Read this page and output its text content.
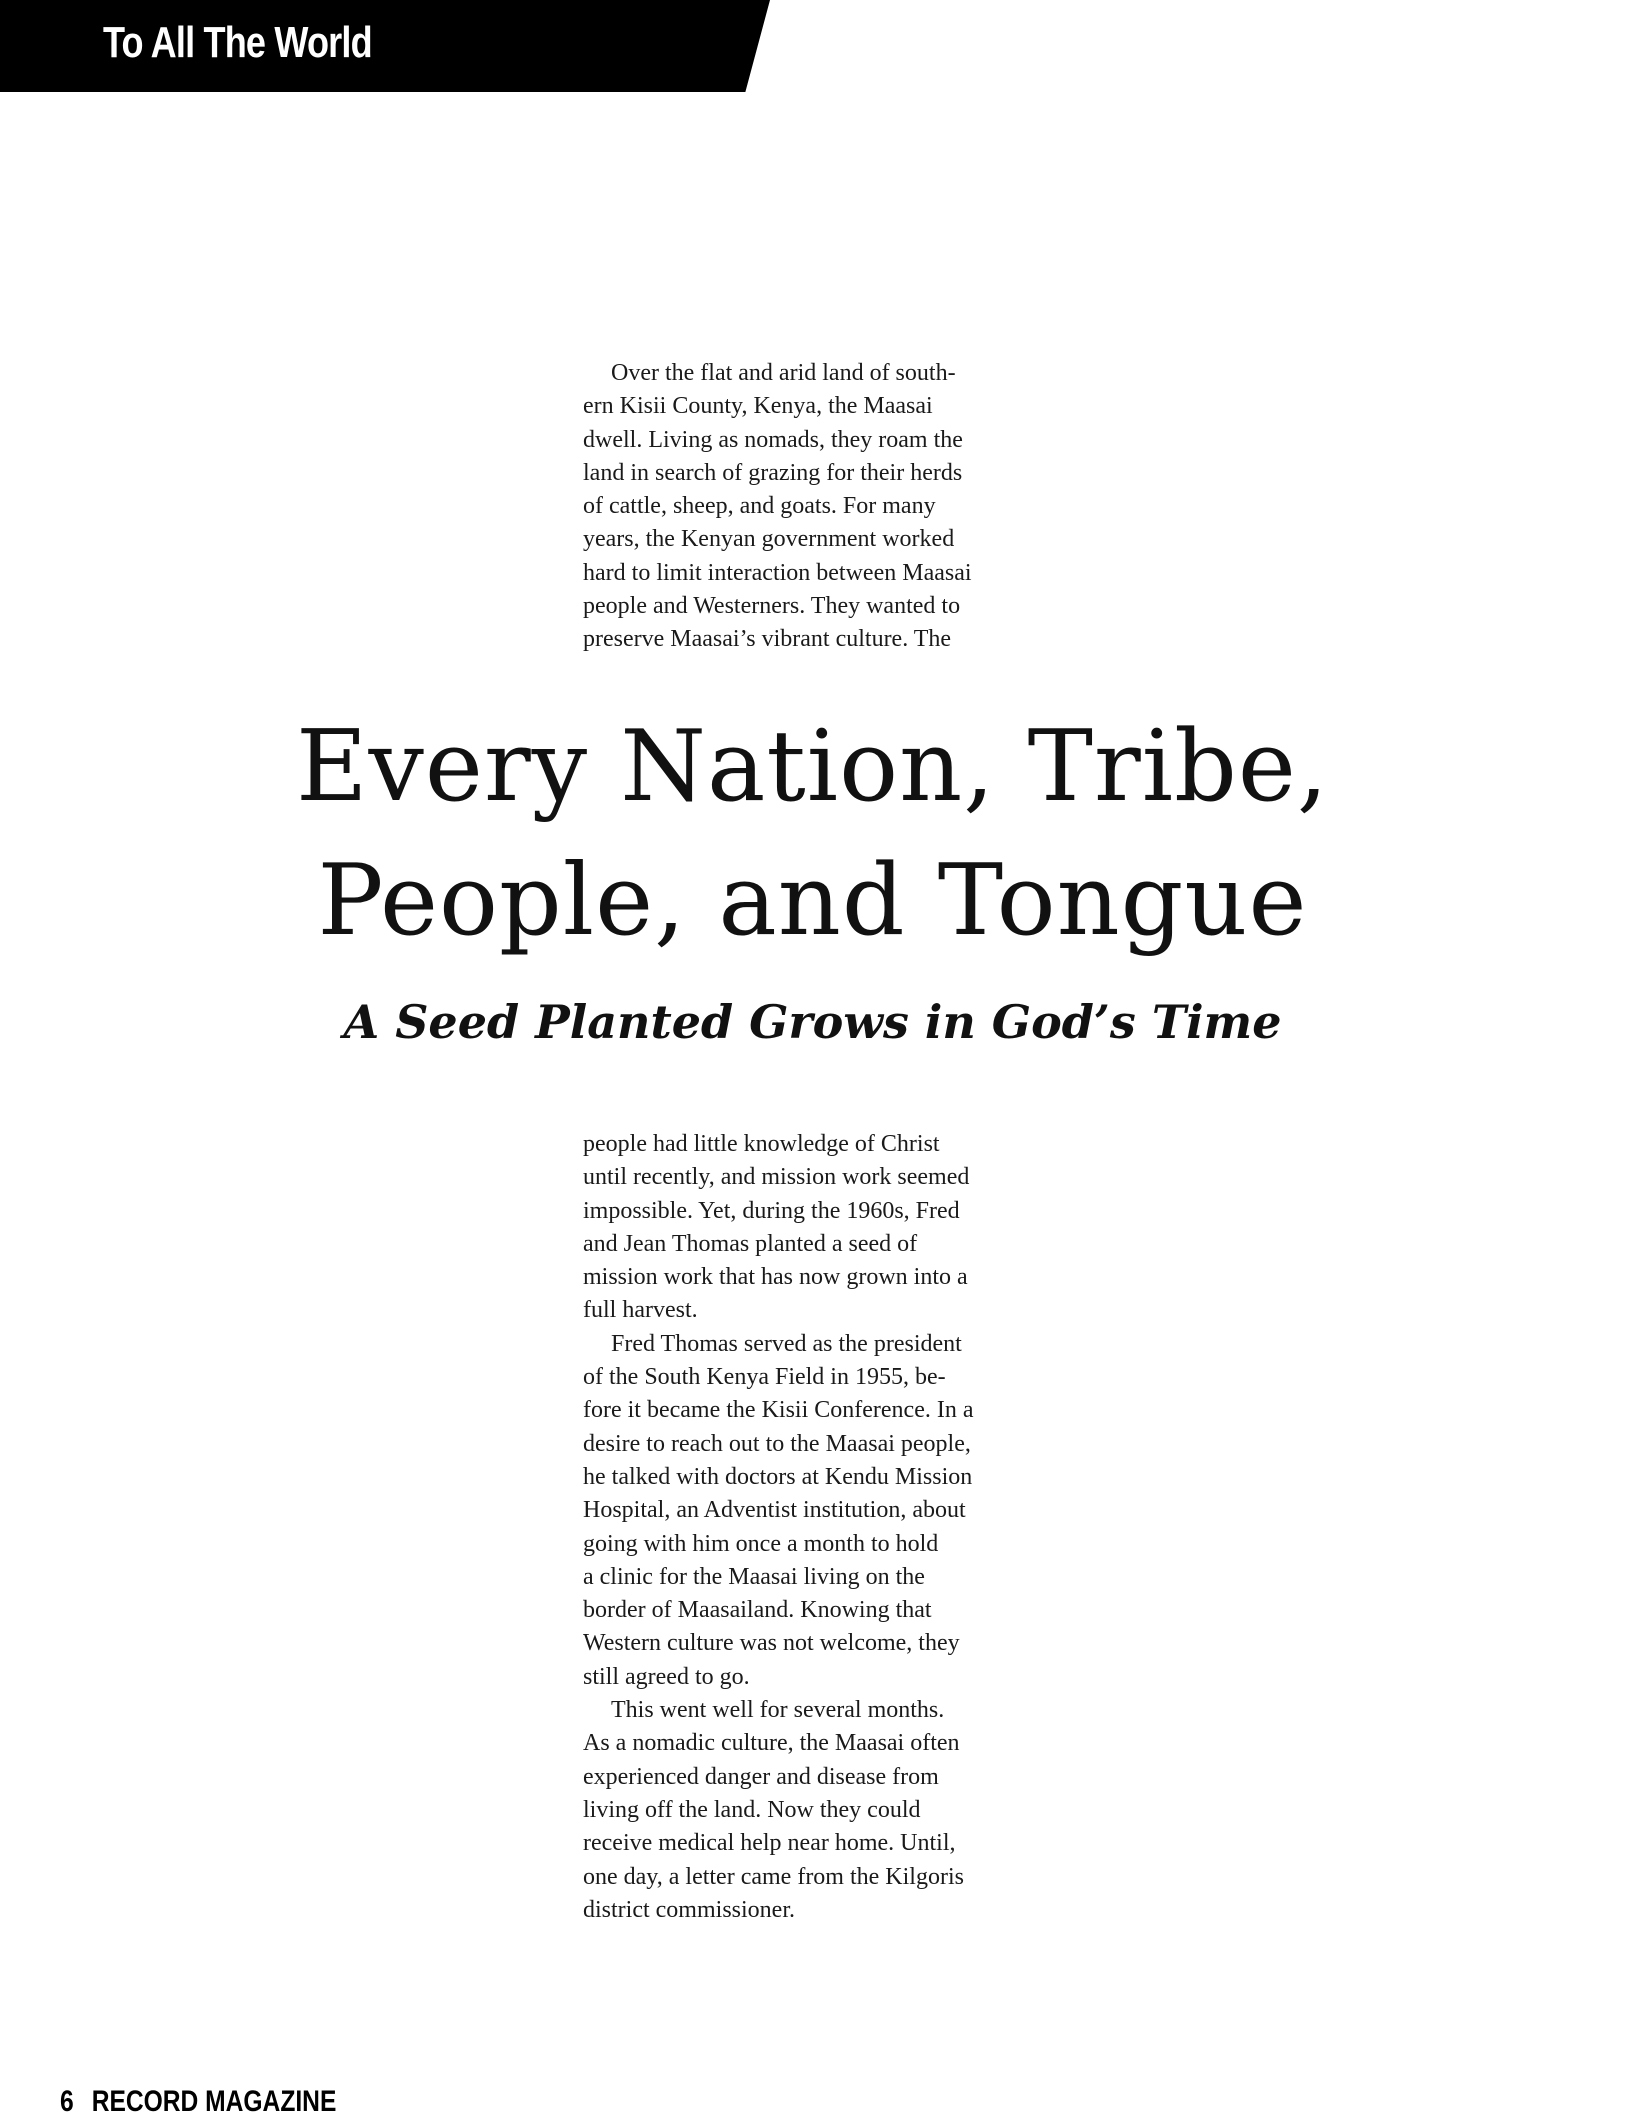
To All The World

Over the flat and arid land of south-
ern Kisii County, Kenya, the Maasai
dwell. Living as nomads, they roam the
land in search of grazing for their herds
of cattle, sheep, and goats. For many
years, the Kenyan government worked
hard to limit interaction between Maasai
people and Westerners. They wanted to
preserve Maasai’s vibrant culture. The

Every Nation, Tribe,
People, and Tongue
A Seed Planted Grows in God’s Time

people had little knowledge of Christ
until recently, and mission work seemed
impossible. Yet, during the 1960s, Fred
and Jean Thomas planted a seed of
mission work that has now grown into a
full harvest.

Fred Thomas served as the president
of the South Kenya Field in 1955, be-
fore it became the Kisii Conference. In a
desire to reach out to the Maasai people,
he talked with doctors at Kendu Mission
Hospital, an Adventist institution, about
going with him once a month to hold
a clinic for the Maasai living on the
border of Maasailand. Knowing that
Western culture was not welcome, they
still agreed to go.

This went well for several months.
As a nomadic culture, the Maasai often
experienced danger and disease from
living off the land. Now they could
receive medical help near home. Until,
one day, a letter came from the Kilgoris
district commissioner.

6 RECORD MAGAZINE
